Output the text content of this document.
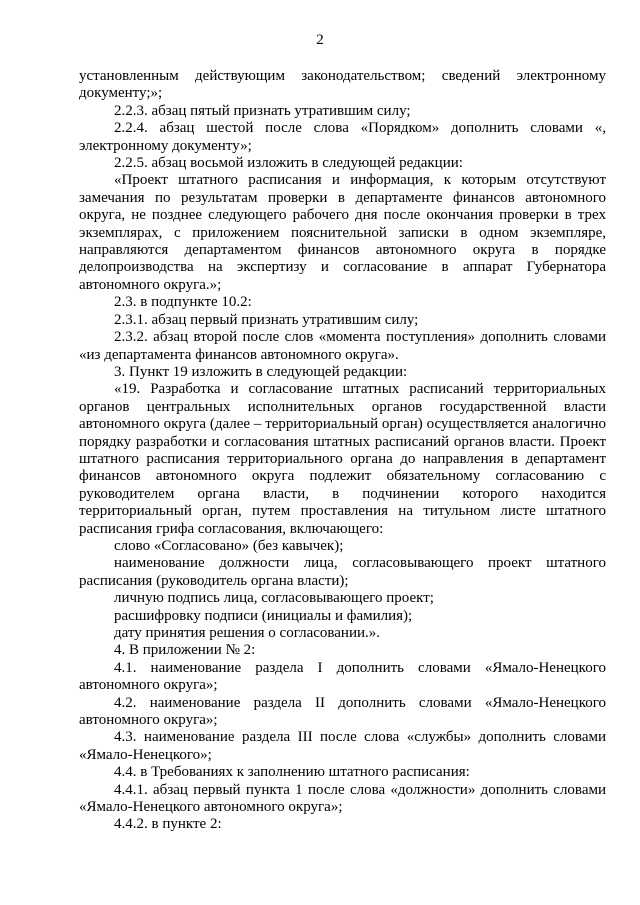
2

установленным действующим законодательством; сведений электронному документу;»;

2.2.3. абзац пятый признать утратившим силу;

2.2.4. абзац шестой после слова «Порядком» дополнить словами «, электронному документу»;

2.2.5. абзац восьмой изложить в следующей редакции:

«Проект штатного расписания и информация, к которым отсутствуют замечания по результатам проверки в департаменте финансов автономного округа, не позднее следующего рабочего дня после окончания проверки в трех экземплярах, с приложением пояснительной записки в одном экземпляре, направляются департаментом финансов автономного округа в порядке делопроизводства на экспертизу и согласование в аппарат Губернатора автономного округа.»;

2.3. в подпункте 10.2:

2.3.1. абзац первый признать утратившим силу;

2.3.2. абзац второй после слов «момента поступления» дополнить словами «из департамента финансов автономного округа».

3. Пункт 19 изложить в следующей редакции:

«19. Разработка и согласование штатных расписаний территориальных органов центральных исполнительных органов государственной власти автономного округа (далее – территориальный орган) осуществляется аналогично порядку разработки и согласования штатных расписаний органов власти. Проект штатного расписания территориального органа до направления в департамент финансов автономного округа подлежит обязательному согласованию с руководителем органа власти, в подчинении которого находится территориальный орган, путем проставления на титульном листе штатного расписания грифа согласования, включающего:

слово «Согласовано» (без кавычек);

наименование должности лица, согласовывающего проект штатного расписания (руководитель органа власти);

личную подпись лица, согласовывающего проект;

расшифровку подписи (инициалы и фамилия);

дату принятия решения о согласовании.».

4. В приложении № 2:

4.1. наименование раздела I дополнить словами «Ямало-Ненецкого автономного округа»;

4.2. наименование раздела II дополнить словами «Ямало-Ненецкого автономного округа»;

4.3. наименование раздела III после слова «службы» дополнить словами «Ямало-Ненецкого»;

4.4. в Требованиях к заполнению штатного расписания:

4.4.1. абзац первый пункта 1 после слова «должности» дополнить словами «Ямало-Ненецкого автономного округа»;

4.4.2. в пункте 2:
